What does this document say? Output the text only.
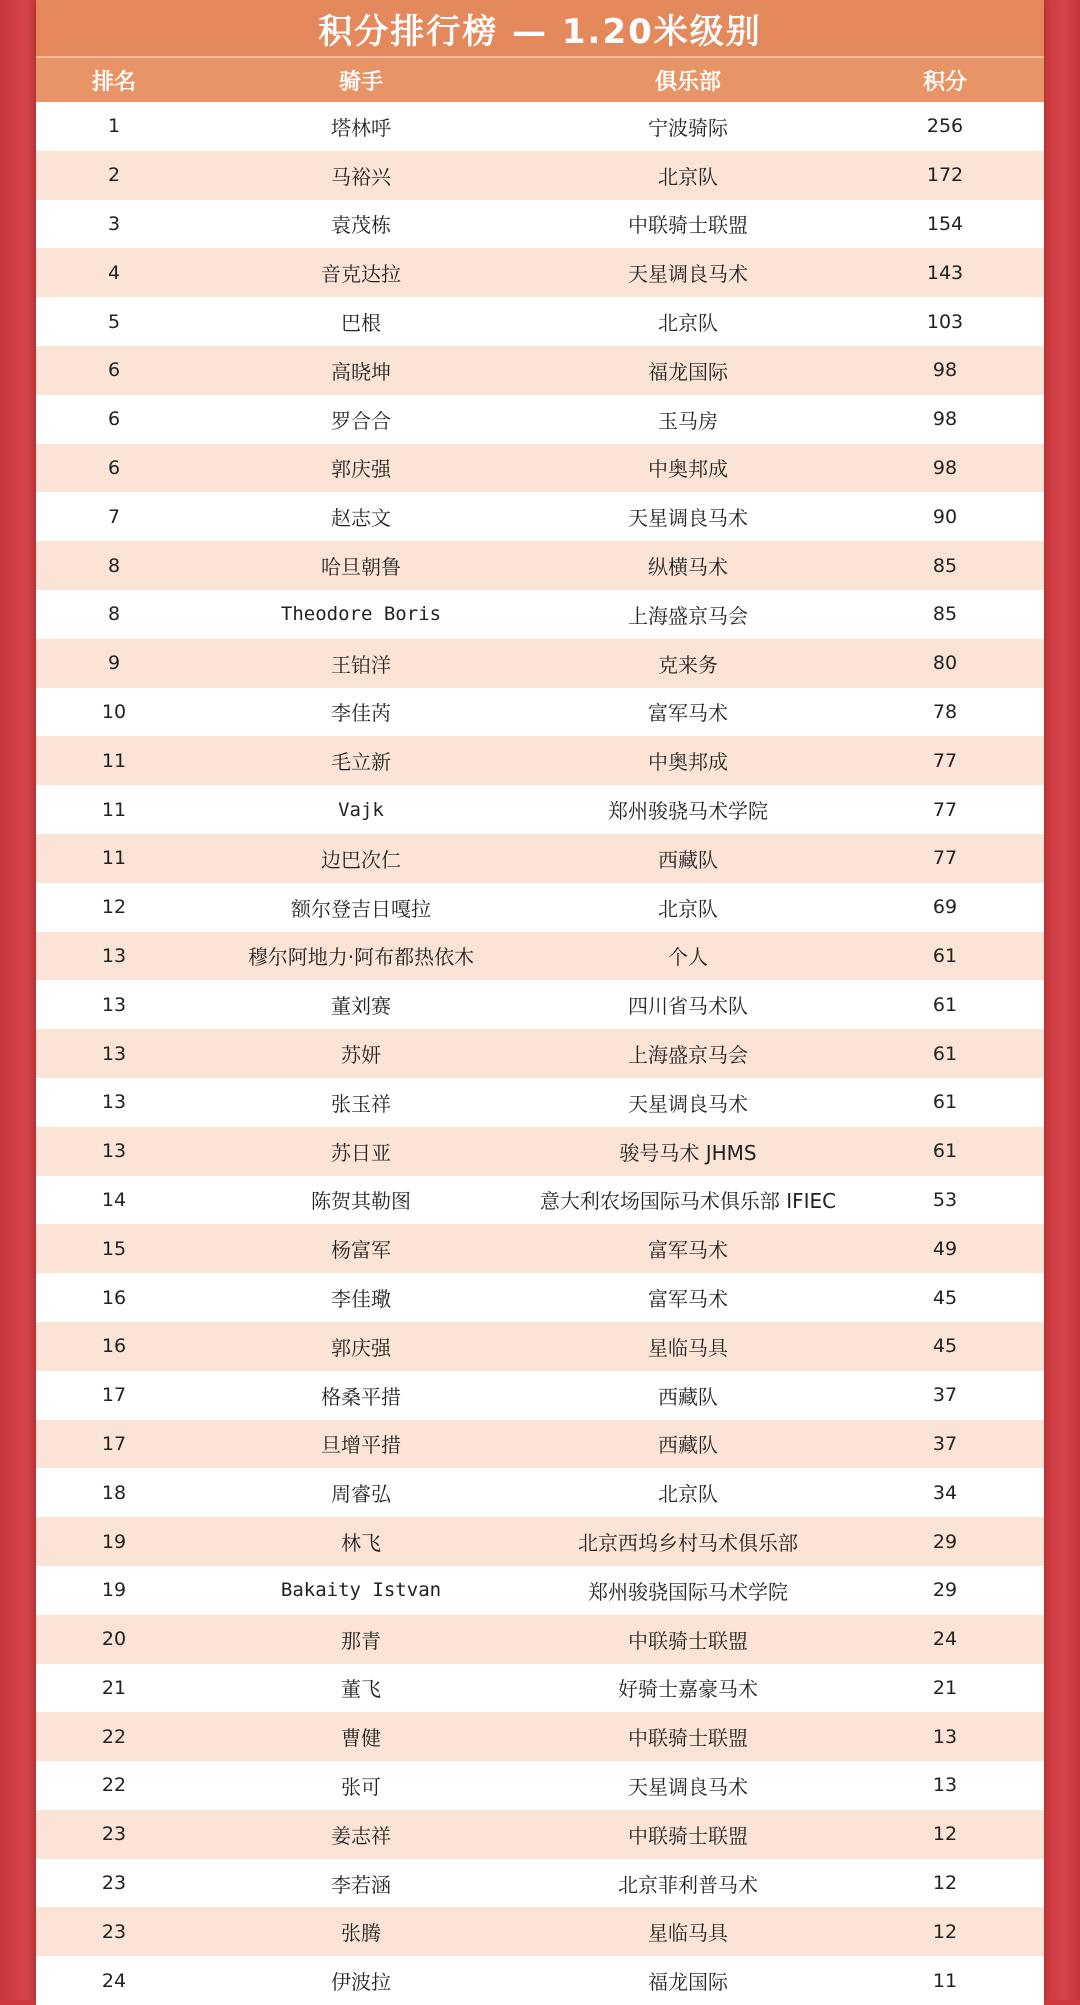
积分排行榜 — 1.20米级别
排名	骑手	俱乐部	积分
1	塔林呼	宁波骑际	256
2	马裕兴	北京队	172
3	袁茂栋	中联骑士联盟	154
4	音克达拉	天星调良马术	143
5	巴根	北京队	103
6	高晓坤	福龙国际	98
6	罗合合	玉马房	98
6	郭庆强	中奥邦成	98
7	赵志文	天星调良马术	90
8	哈旦朝鲁	纵横马术	85
8	Theodore Boris	上海盛京马会	85
9	王铂洋	克来务	80
10	李佳芮	富军马术	78
11	毛立新	中奥邦成	77
11	Vajk	郑州骏骁马术学院	77
11	边巴次仁	西藏队	77
12	额尔登吉日嘎拉	北京队	69
13	穆尔阿地力·阿布都热依木	个人	61
13	董刘赛	四川省马术队	61
13	苏妍	上海盛京马会	61
13	张玉祥	天星调良马术	61
13	苏日亚	骏号马术 JHMS	61
14	陈贺其勒图	意大利农场国际马术俱乐部 IFIEC	53
15	杨富军	富军马术	49
16	李佳璥	富军马术	45
16	郭庆强	星临马具	45
17	格桑平措	西藏队	37
17	旦增平措	西藏队	37
18	周睿弘	北京队	34
19	林飞	北京西坞乡村马术俱乐部	29
19	Bakaity Istvan	郑州骏骁国际马术学院	29
20	那青	中联骑士联盟	24
21	董飞	好骑士嘉豪马术	21
22	曹健	中联骑士联盟	13
22	张可	天星调良马术	13
23	姜志祥	中联骑士联盟	12
23	李若涵	北京菲利普马术	12
23	张腾	星临马具	12
24	伊波拉	福龙国际	11
